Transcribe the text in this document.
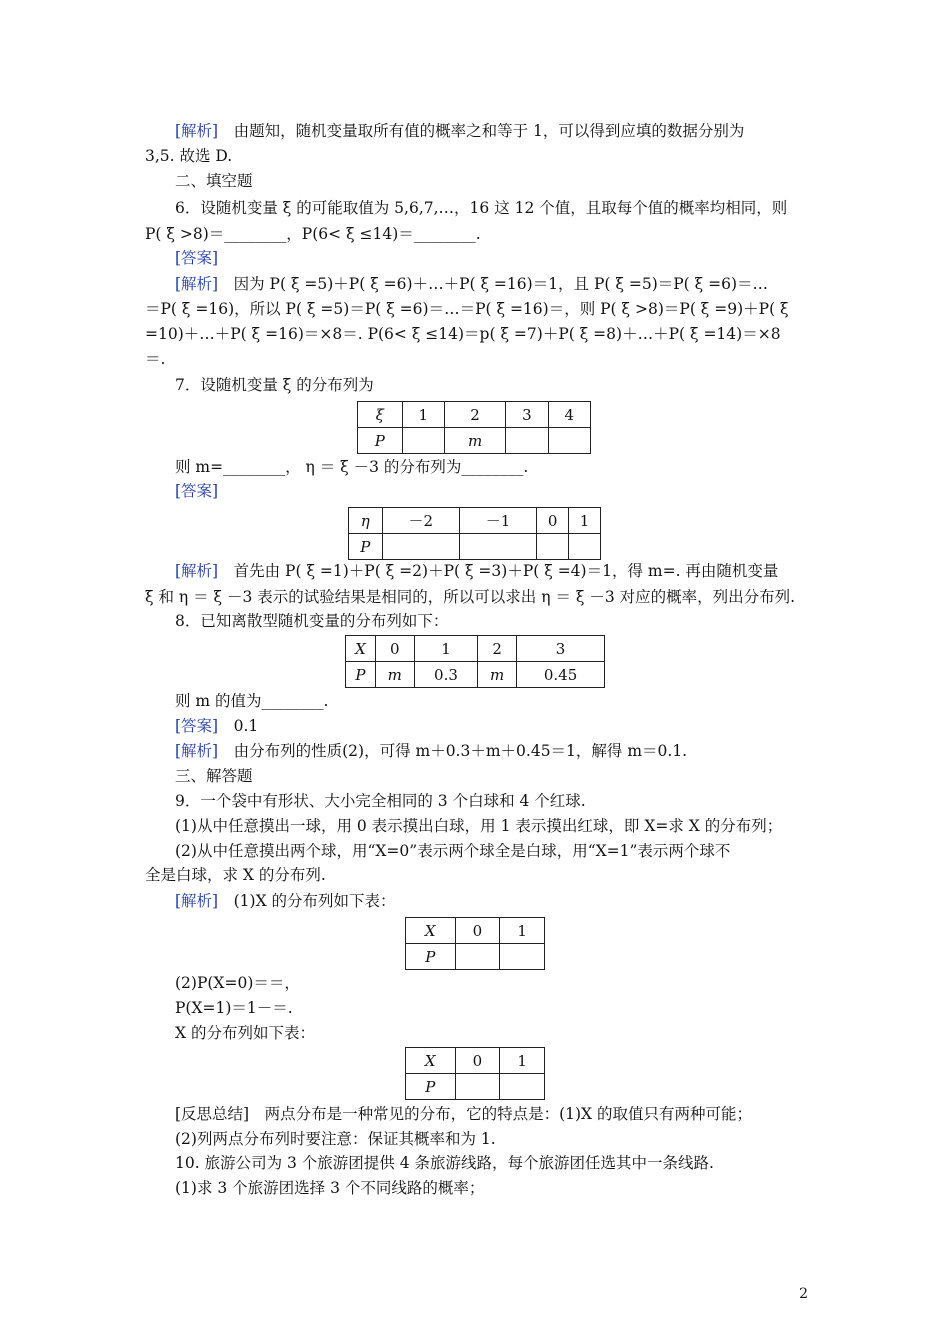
[解析]　由题知，随机变量取所有值的概率之和等于 1，可以得到应填的数据分别为
3,5. 故选 D.
二、填空题
6．设随机变量 ξ 的可能取值为 5,6,7,…，16 这 12 个值，且取每个值的概率均相同，则
P( ξ >8)＝________，P(6< ξ ≤14)＝________.
[答案]
[解析]　因为 P( ξ =5)＋P( ξ =6)＋…＋P( ξ =16)＝1，且 P( ξ =5)＝P( ξ =6)＝…
＝P( ξ =16)，所以 P( ξ =5)＝P( ξ =6)＝…＝P( ξ =16)＝，则 P( ξ >8)＝P( ξ =9)＋P( ξ
=10)＋…＋P( ξ =16)＝×8＝. P(6< ξ ≤14)＝p( ξ =7)＋P( ξ =8)＋…＋P( ξ =14)＝×8
＝.
7．设随机变量 ξ 的分布列为
ξ	1	2	3	4
P		m		
则 m=________， η ＝ ξ －3 的分布列为________.
[答案]
η	－2	－1	0	1
P				
[解析]　首先由 P( ξ =1)＋P( ξ =2)＋P( ξ =3)＋P( ξ =4)＝1，得 m=. 再由随机变量
ξ 和 η ＝ ξ －3 表示的试验结果是相同的，所以可以求出 η ＝ ξ －3 对应的概率，列出分布列.
8．已知离散型随机变量的分布列如下：
X	0	1	2	3
P	m	0.3	m	0.45
则 m 的值为________.
[答案]　0.1
[解析]　由分布列的性质(2)，可得 m＋0.3＋m＋0.45＝1，解得 m＝0.1.
三、解答题
9．一个袋中有形状、大小完全相同的 3 个白球和 4 个红球.
(1)从中任意摸出一球，用 0 表示摸出白球，用 1 表示摸出红球，即 X=求 X 的分布列；
(2)从中任意摸出两个球，用“X=0”表示两个球全是白球，用“X=1”表示两个球不
全是白球，求 X 的分布列.
[解析]　(1)X 的分布列如下表：
X	0	1
P		
(2)P(X=0)＝＝，
P(X=1)＝1－＝.
X 的分布列如下表：
X	0	1
P		
[反思总结]　两点分布是一种常见的分布，它的特点是：(1)X 的取值只有两种可能；
(2)列两点分布列时要注意：保证其概率和为 1.
10. 旅游公司为 3 个旅游团提供 4 条旅游线路，每个旅游团任选其中一条线路.
(1)求 3 个旅游团选择 3 个不同线路的概率；
2
